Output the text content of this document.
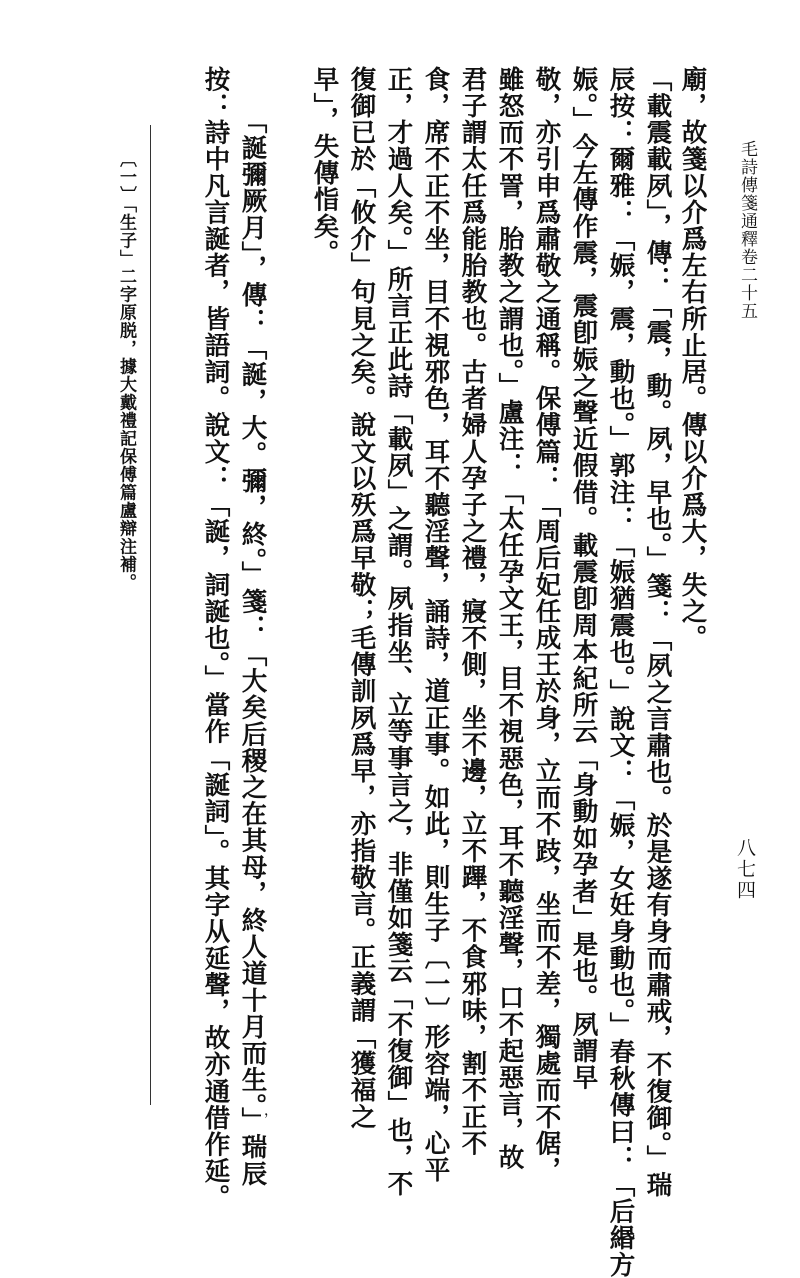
毛詩傳箋通釋卷二十五
八七四
廟，故箋以介爲左右所止居。傳以介爲大，失之。
「載震載夙」，傳：「震，動。夙，早也。」箋：「夙之言肅也。於是遂有身而肅戒，不復御。」瑞
辰按：爾雅：「娠，震，動也。」郭注：「娠猶震也。」說文：「娠，女妊身動也。」春秋傳曰：「后緡方
娠。」今左傳作震，震卽娠之聲近假借。載震卽周本紀所云「身動如孕者」是也。夙謂早
敬，亦引申爲肅敬之通稱。保傅篇：「周后妃任成王於身，立而不跂，坐而不差，獨處而不倨，
雖怒而不詈，胎教之謂也。」盧注：「太任孕文王，目不視惡色，耳不聽淫聲，口不起惡言，故
君子謂太任爲能胎教也。古者婦人孕子之禮，寢不側，坐不邊，立不蹕，不食邪味，割不正不
食，席不正不坐，目不視邪色，耳不聽淫聲，誦詩，道正事。如此，則生子〔一〕形容端，心平
正，才過人矣。」所言正此詩「載夙」之謂。夙指坐、立等事言之，非僅如箋云「不復御」也，不
復御已於「攸介」句見之矣。說文以殀爲早敬；毛傳訓夙爲早，亦指敬言。正義謂「獲福之
早」，失傳恉矣。
「誕彌厥月」，傳：「誕，大。彌，終。」箋：「大矣后稷之在其母，終人道十月而生。」瑞辰
按：詩中凡言誕者，皆語詞。說文：「誕，詞誕也。」當作「誕詞」。其字从延聲，故亦通借作延。
〔一〕「生子」二字原脱，據大戴禮記保傅篇盧辯注補。
，
